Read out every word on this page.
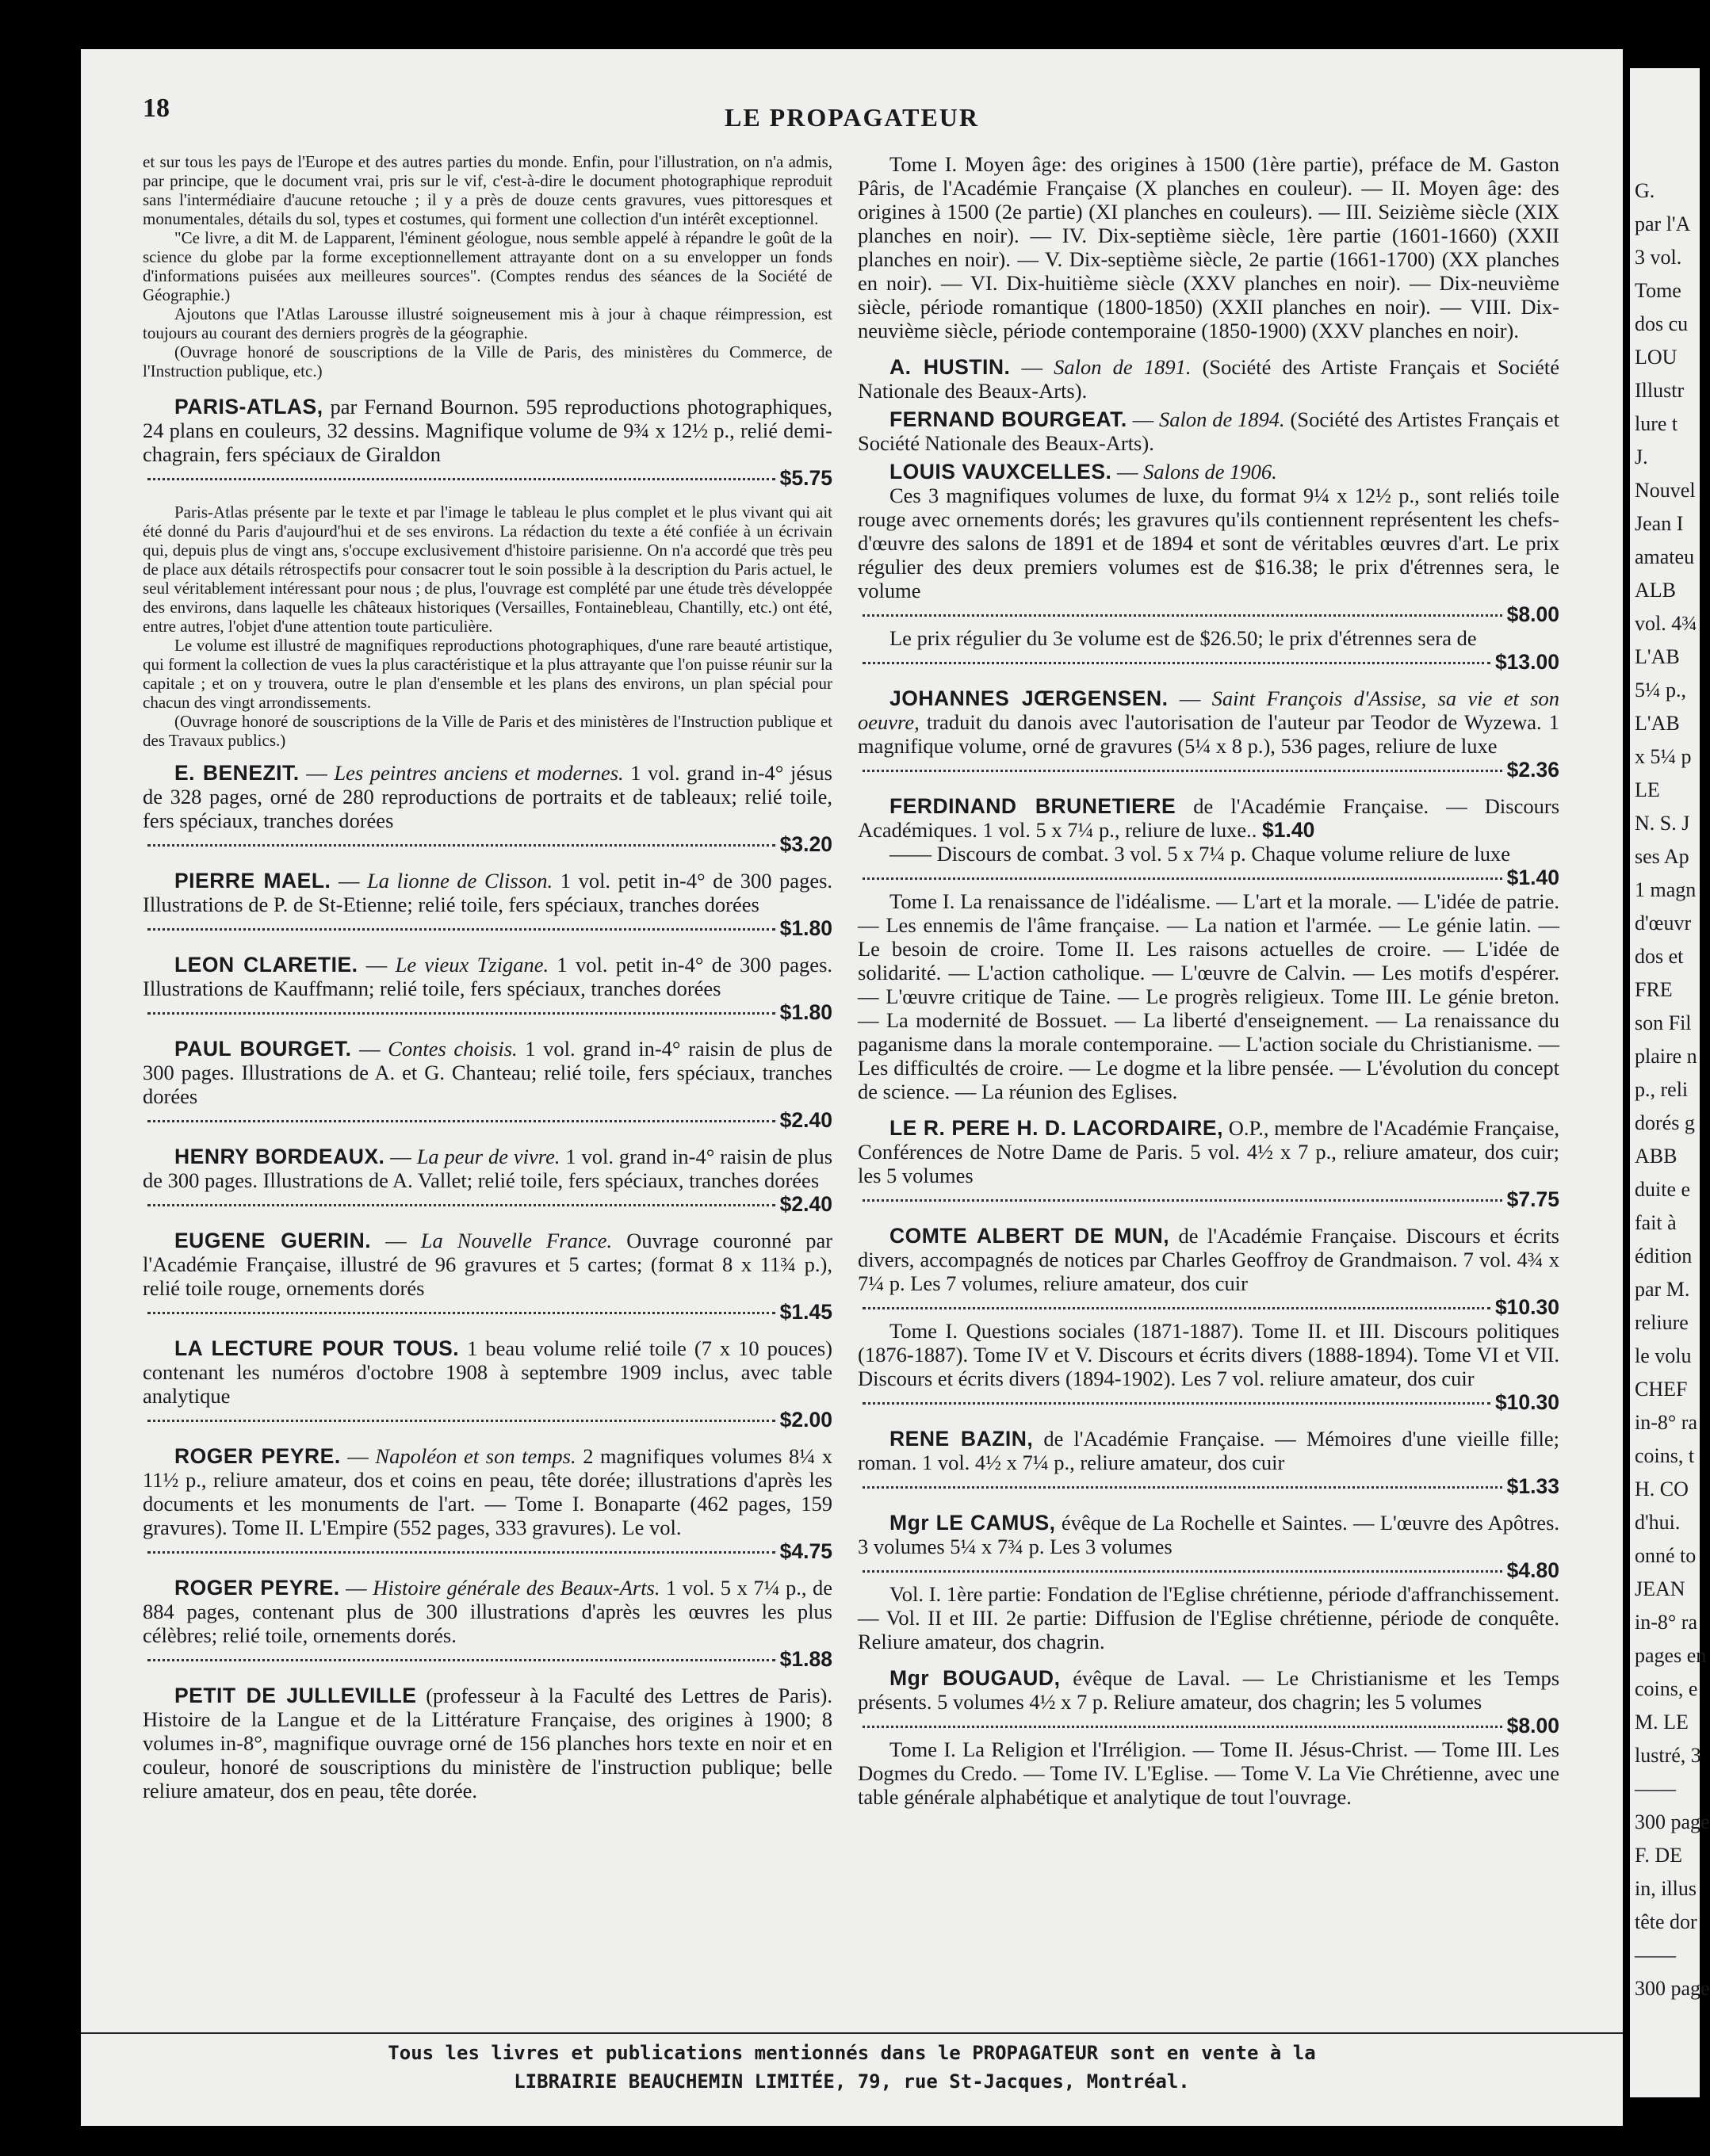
18	LE PROPAGATEUR

et sur tous les pays de l'Europe et des autres parties du monde. Enfin, pour l'illustration, on n'a admis, par principe, que le document vrai, pris sur le vif, c'est-à-dire le document photographique reproduit sans l'intermédiaire d'aucune retouche ; il y a près de douze cents gravures, vues pittoresques et monumentales, détails du sol, types et costumes, qui forment une collection d'un intérêt exceptionnel.

"Ce livre, a dit M. de Lapparent, l'éminent géologue, nous semble appelé à répandre le goût de la science du globe par la forme exceptionnellement attrayante dont on a su envelopper un fonds d'informations puisées aux meilleures sources". (Comptes rendus des séances de la Société de Géographie.)

Ajoutons que l'Atlas Larousse illustré soigneusement mis à jour à chaque réimpression, est toujours au courant des derniers progrès de la géographie.

(Ouvrage honoré de souscriptions de la Ville de Paris, des ministères du Commerce, de l'Instruction publique, etc.)

PARIS-ATLAS, par Fernand Bournon. 595 reproductions photographiques, 24 plans en couleurs, 32 dessins. Magnifique volume de 9¾ x 12½ p., relié demi-chagrain, fers spéciaux de Giraldon

$5.75

Paris-Atlas présente par le texte et par l'image le tableau le plus complet et le plus vivant qui ait été donné du Paris d'aujourd'hui et de ses environs. La rédaction du texte a été confiée à un écrivain qui, depuis plus de vingt ans, s'occupe exclusivement d'histoire parisienne. On n'a accordé que très peu de place aux détails rétrospectifs pour consacrer tout le soin possible à la description du Paris actuel, le seul véritablement intéressant pour nous ; de plus, l'ouvrage est complété par une étude très développée des environs, dans laquelle les châteaux historiques (Versailles, Fontainebleau, Chantilly, etc.) ont été, entre autres, l'objet d'une attention toute particulière.

Le volume est illustré de magnifiques reproductions photographiques, d'une rare beauté artistique, qui forment la collection de vues la plus caractéristique et la plus attrayante que l'on puisse réunir sur la capitale ; et on y trouvera, outre le plan d'ensemble et les plans des environs, un plan spécial pour chacun des vingt arrondissements.

(Ouvrage honoré de souscriptions de la Ville de Paris et des ministères de l'Instruction publique et des Travaux publics.)

E. BENEZIT. — Les peintres anciens et modernes. 1 vol. grand in-4° jésus de 328 pages, orné de 280 reproductions de portraits et de tableaux; relié toile, fers spéciaux, tranches dorées

$3.20

PIERRE MAEL. — La lionne de Clisson. 1 vol. petit in-4° de 300 pages. Illustrations de P. de St-Etienne; relié toile, fers spéciaux, tranches dorées

$1.80

LEON CLARETIE. — Le vieux Tzigane. 1 vol. petit in-4° de 300 pages. Illustrations de Kauffmann; relié toile, fers spéciaux, tranches dorées

$1.80

PAUL BOURGET. — Contes choisis. 1 vol. grand in-4° raisin de plus de 300 pages. Illustrations de A. et G. Chanteau; relié toile, fers spéciaux, tranches dorées

$2.40

HENRY BORDEAUX. — La peur de vivre. 1 vol. grand in-4° raisin de plus de 300 pages. Illustrations de A. Vallet; relié toile, fers spéciaux, tranches dorées

$2.40

EUGENE GUERIN. — La Nouvelle France. Ouvrage couronné par l'Académie Française, illustré de 96 gravures et 5 cartes; (format 8 x 11¾ p.), relié toile rouge, ornements dorés

$1.45

LA LECTURE POUR TOUS. 1 beau volume relié toile (7 x 10 pouces) contenant les numéros d'octobre 1908 à septembre 1909 inclus, avec table analytique

$2.00

ROGER PEYRE. — Napoléon et son temps. 2 magnifiques volumes 8¼ x 11½ p., reliure amateur, dos et coins en peau, tête dorée; illustrations d'après les documents et les monuments de l'art. — Tome I. Bonaparte (462 pages, 159 gravures). Tome II. L'Empire (552 pages, 333 gravures). Le vol.

$4.75

ROGER PEYRE. — Histoire générale des Beaux-Arts. 1 vol. 5 x 7¼ p., de 884 pages, contenant plus de 300 illustrations d'après les œuvres les plus célèbres; relié toile, ornements dorés.

$1.88

PETIT DE JULLEVILLE (professeur à la Faculté des Lettres de Paris). Histoire de la Langue et de la Littérature Française, des origines à 1900; 8 volumes in-8°, magnifique ouvrage orné de 156 planches hors texte en noir et en couleur, honoré de souscriptions du ministère de l'instruction publique; belle reliure amateur, dos en peau, tête dorée.

Tome I. Moyen âge: des origines à 1500 (1ère partie), préface de M. Gaston Pâris, de l'Académie Française (X planches en couleur). — II. Moyen âge: des origines à 1500 (2e partie) (XI planches en couleurs). — III. Seizième siècle (XIX planches en noir). — IV. Dix-septième siècle, 1ère partie (1601-1660) (XXII planches en noir). — V. Dix-septième siècle, 2e partie (1661-1700) (XX planches en noir). — VI. Dix-huitième siècle (XXV planches en noir). — Dix-neuvième siècle, période romantique (1800-1850) (XXII planches en noir). — VIII. Dix-neuvième siècle, période contemporaine (1850-1900) (XXV planches en noir).

A. HUSTIN. — Salon de 1891. (Société des Artiste Français et Société Nationale des Beaux-Arts).

FERNAND BOURGEAT. — Salon de 1894. (Société des Artistes Français et Société Nationale des Beaux-Arts).

LOUIS VAUXCELLES. — Salons de 1906.

Ces 3 magnifiques volumes de luxe, du format 9¼ x 12½ p., sont reliés toile rouge avec ornements dorés; les gravures qu'ils contiennent représentent les chefs-d'œuvre des salons de 1891 et de 1894 et sont de véritables œuvres d'art. Le prix régulier des deux premiers volumes est de $16.38; le prix d'étrennes sera, le volume

$8.00

Le prix régulier du 3e volume est de $26.50; le prix d'étrennes sera de

$13.00

JOHANNES JŒRGENSEN. — Saint François d'Assise, sa vie et son oeuvre, traduit du danois avec l'autorisation de l'auteur par Teodor de Wyzewa. 1 magnifique volume, orné de gravures (5¼ x 8 p.), 536 pages, reliure de luxe

$2.36

FERDINAND BRUNETIERE de l'Académie Française. — Discours Académiques. 1 vol. 5 x 7¼ p., reliure de luxe.. $1.40

—— Discours de combat. 3 vol. 5 x 7¼ p. Chaque volume reliure de luxe

$1.40

Tome I. La renaissance de l'idéalisme. — L'art et la morale. — L'idée de patrie. — Les ennemis de l'âme française. — La nation et l'armée. — Le génie latin. — Le besoin de croire. Tome II. Les raisons actuelles de croire. — L'idée de solidarité. — L'action catholique. — L'œuvre de Calvin. — Les motifs d'espérer. — L'œuvre critique de Taine. — Le progrès religieux. Tome III. Le génie breton. — La modernité de Bossuet. — La liberté d'enseignement. — La renaissance du paganisme dans la morale contemporaine. — L'action sociale du Christianisme. — Les difficultés de croire. — Le dogme et la libre pensée. — L'évolution du concept de science. — La réunion des Eglises.

LE R. PERE H. D. LACORDAIRE, O.P., membre de l'Académie Française, Conférences de Notre Dame de Paris. 5 vol. 4½ x 7 p., reliure amateur, dos cuir; les 5 volumes

$7.75

COMTE ALBERT DE MUN, de l'Académie Française. Discours et écrits divers, accompagnés de notices par Charles Geoffroy de Grandmaison. 7 vol. 4¾ x 7¼ p. Les 7 volumes, reliure amateur, dos cuir

$10.30

Tome I. Questions sociales (1871-1887). Tome II. et III. Discours politiques (1876-1887). Tome IV et V. Discours et écrits divers (1888-1894). Tome VI et VII. Discours et écrits divers (1894-1902). Les 7 vol. reliure amateur, dos cuir

$10.30

RENE BAZIN, de l'Académie Française. — Mémoires d'une vieille fille; roman. 1 vol. 4½ x 7¼ p., reliure amateur, dos cuir

$1.33

Mgr LE CAMUS, évêque de La Rochelle et Saintes. — L'œuvre des Apôtres. 3 volumes 5¼ x 7¾ p. Les 3 volumes

$4.80

Vol. I. 1ère partie: Fondation de l'Eglise chrétienne, période d'affranchissement. — Vol. II et III. 2e partie: Diffusion de l'Eglise chrétienne, période de conquête. Reliure amateur, dos chagrin.

Mgr BOUGAUD, évêque de Laval. — Le Christianisme et les Temps présents. 5 volumes 4½ x 7 p. Reliure amateur, dos chagrin; les 5 volumes

$8.00

Tome I. La Religion et l'Irréligion. — Tome II. Jésus-Christ. — Tome III. Les Dogmes du Credo. — Tome IV. L'Eglise. — Tome V. La Vie Chrétienne, avec une table générale alphabétique et analytique de tout l'ouvrage.

Tous les livres et publications mentionnés dans le PROPAGATEUR sont en vente à la
LIBRAIRIE BEAUCHEMIN LIMITÉE, 79, rue St-Jacques, Montréal.
G.
par l'A
3 vol.
Tome
dos cu
LOU
Illustr
lure t
J.
Nouvel
Jean I
amateu
ALB
vol. 4¾
L'AB
5¼ p.,
L'AB
x 5¼ p
LE
N. S. J
ses Ap
1 magn
d'œuvr
dos et
FRE
son Fil
plaire n
p., reli
dorés g
ABB
duite e
fait à
édition
par M.
reliure
le volu
CHEF
in-8° ra
coins, t
H. CO
d'hui.
onné to
JEAN
in-8° ra
pages en
coins, e
M. LE
lustré, 3
——
300 page
F. DE
in, illus
tête dor
——
300 page
